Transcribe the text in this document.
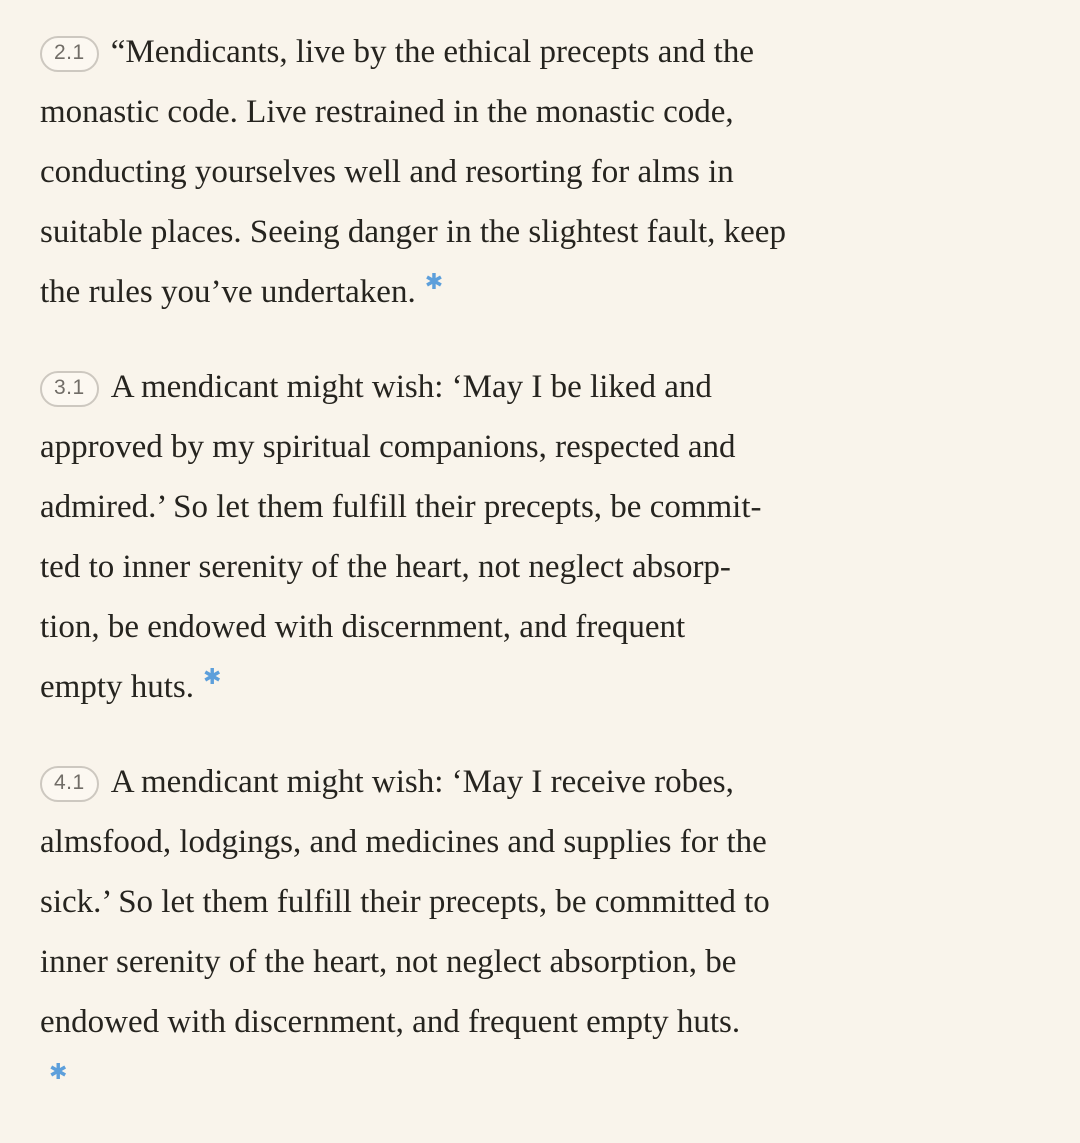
2.1 “Mendicants, live by the ethical precepts and the
monastic code. Live restrained in the monastic code,
conducting yourselves well and resorting for alms in
suitable places. Seeing danger in the slightest fault, keep
the rules you’ve undertaken. ✱

3.1 A mendicant might wish: ‘May I be liked and
approved by my spiritual companions, respected and
admired.’ So let them fulfill their precepts, be commit-
ted to inner serenity of the heart, not neglect absorp-
tion, be endowed with discernment, and frequent
empty huts. ✱

4.1 A mendicant might wish: ‘May I receive robes,
almsfood, lodgings, and medicines and supplies for the
sick.’ So let them fulfill their precepts, be committed to
inner serenity of the heart, not neglect absorption, be
endowed with discernment, and frequent empty huts.
✱
